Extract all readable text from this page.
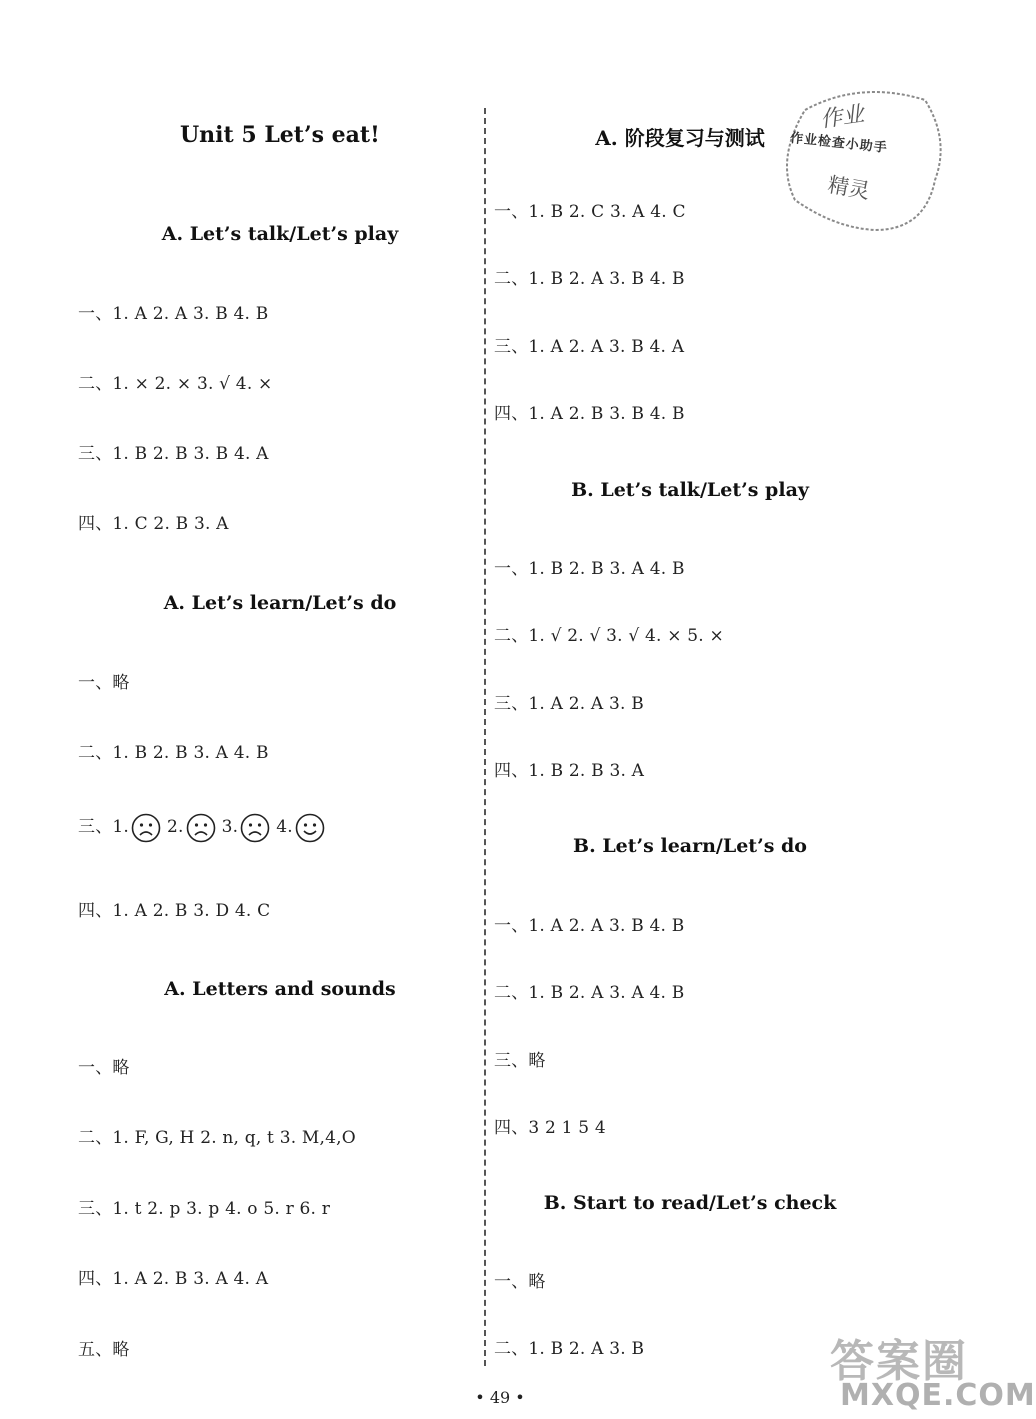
Unit 5 Let’s eat!
A. Let’s talk/Let’s play
一、1. A 2. A 3. B 4. B
二、1. × 2. × 3. √ 4. ×
三、1. B 2. B 3. B 4. A
四、1. C 2. B 3. A
A. Let’s learn/Let’s do
一、略
二、1. B 2. B 3. A 4. B
三、1. 2. 3. 4.
四、1. A 2. B 3. D 4. C
A. Letters and sounds
一、略
二、1. F, G, H 2. n, q, t 3. M,4,O
三、1. t 2. p 3. p 4. o 5. r 6. r
四、1. A 2. B 3. A 4. A
五、略
A. 阶段复习与测试
一、1. B 2. C 3. A 4. C
二、1. B 2. A 3. B 4. B
三、1. A 2. A 3. B 4. A
四、1. A 2. B 3. B 4. B
B. Let’s talk/Let’s play
一、1. B 2. B 3. A 4. B
二、1. √ 2. √ 3. √ 4. × 5. ×
三、1. A 2. A 3. B
四、1. B 2. B 3. A
B. Let’s learn/Let’s do
一、1. A 2. A 3. B 4. B
二、1. B 2. A 3. A 4. B
三、略
四、3 2 1 5 4
B. Start to read/Let’s check
一、略
二、1. B 2. A 3. B
作业
作业检查小助手
精灵
答案圈
MXQE.COM
• 49 •
